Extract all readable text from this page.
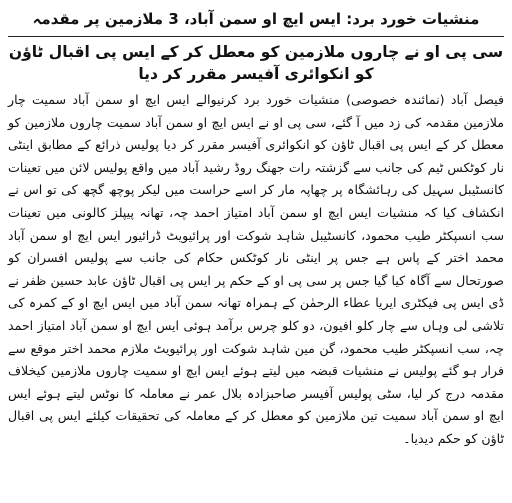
منشیات خورد برد: ایس ایچ او سمن آباد، 3 ملازمین پر مقدمہ
سی پی او نے چاروں ملازمین کو معطل کر کے ایس پی اقبال ٹاؤن کو انکوائری آفیسر مقرر کر دیا

فیصل آباد (نمائندہ خصوصی) منشیات خورد برد کرنیوالے ایس ایچ او سمن آباد سمیت چار ملازمین مقدمہ کی زد میں آ گئے، سی پی او نے ایس ایچ او سمن آباد سمیت چاروں ملازمین کو معطل کر کے ایس پی اقبال ٹاؤن کو انکوائری آفیسر مقرر کر دیا پولیس ذرائع کے مطابق اینٹی نار کوٹکس ٹیم کی جانب سے گزشتہ رات جھنگ روڈ رشید آباد میں واقع پولیس لائن میں تعینات کانسٹیبل سہیل کی رہائشگاہ پر چھاپہ مار کر اسے حراست میں لیکر پوچھ گچھ کی تو اس نے انکشاف کیا کہ منشیات ایس ایچ او سمن آباد امتیاز احمد چہ، تھانہ پیپلز کالونی میں تعینات سب انسپکٹر طیب محمود، کانسٹیبل شاہد شوکت اور پرائیویٹ ڈرائیور ایس ایچ او سمن آباد محمد اختر کے پاس ہے جس پر اینٹی نار کوٹکس حکام کی جانب سے پولیس افسران کو صورتحال سے آگاہ کیا گیا جس پر سی پی او کے حکم پر ایس پی اقبال ٹاؤن عابد حسین ظفر نے ڈی ایس پی فیکٹری ایریا عطاء الرحمٰن کے ہمراہ تھانہ سمن آباد میں ایس ایچ او کے کمرہ کی تلاشی لی وہاں سے چار کلو افیون، دو کلو چرس برآمد ہوئی ایس ایچ او سمن آباد امتیاز احمد چہ، سب انسپکٹر طیب محمود، گن مین شاہد شوکت اور پرائیویٹ ملازم محمد اختر موقع سے فرار ہو گئے پولیس نے منشیات قبضہ میں لیتے ہوئے ایس ایچ او سمیت چاروں ملازمین کیخلاف مقدمہ درج کر لیا، سٹی پولیس آفیسر صاحبزادہ بلال عمر نے معاملہ کا نوٹس لیتے ہوئے ایس ایچ او سمن آباد سمیت تین ملازمین کو معطل کر کے معاملہ کی تحقیقات کیلئے ایس پی اقبال ٹاؤن کو حکم دیدیا۔
